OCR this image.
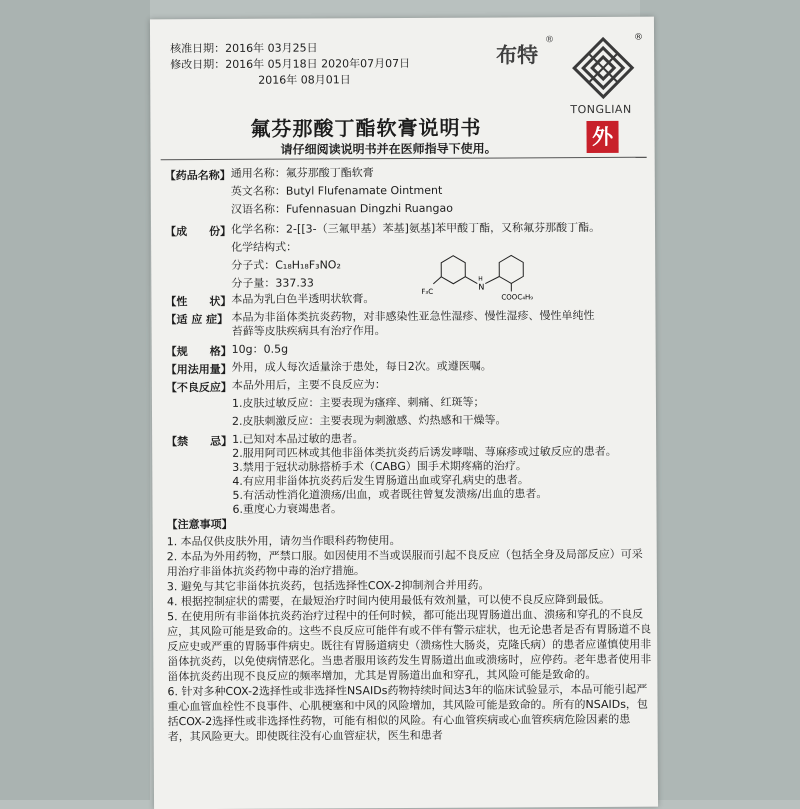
核准日期：2016年 03月25日
修改日期：2016年 05月18日 2020年07月07日
2016年 08月01日
布特
®	®
TONGLIAN
外
氟芬那酸丁酯软膏说明书
请仔细阅读说明书并在医师指导下使用。
【药品名称】 通用名称：氟芬那酸丁酯软膏
英文名称：Butyl Flufenamate Ointment
汉语名称：Fufennasuan Dingzhi Ruangao
【成　　份】 化学名称：2-[[3-（三氟甲基）苯基]氨基]苯甲酸丁酯，又称氟芬那酸丁酯。
化学结构式：
分子式：C₁₈H₁₈F₃NO₂
分子量：337.33
F₃C
H
N
COOC₄H₉
【性　　状】 本品为乳白色半透明状软膏。
【适 应 症】 本品为非甾体类抗炎药物，对非感染性亚急性湿疹、慢性湿疹、慢性单纯性
苔藓等皮肤疾病具有治疗作用。
【规　　格】 10g：0.5g
【用法用量】 外用，成人每次适量涂于患处，每日2次。或遵医嘱。
【不良反应】 本品外用后，主要不良反应为：
1.皮肤过敏反应：主要表现为瘙痒、刺痛、红斑等；
2.皮肤刺激反应：主要表现为刺激感、灼热感和干燥等。
【禁　　忌】 1.已知对本品过敏的患者。
2.服用阿司匹林或其他非甾体类抗炎药后诱发哮喘、荨麻疹或过敏反应的患者。
3.禁用于冠状动脉搭桥手术（CABG）围手术期疼痛的治疗。
4.有应用非甾体抗炎药后发生胃肠道出血或穿孔病史的患者。
5.有活动性消化道溃疡/出血，或者既往曾复发溃疡/出血的患者。
6.重度心力衰竭患者。
【注意事项】
1. 本品仅供皮肤外用，请勿当作眼科药物使用。
2. 本品为外用药物，严禁口服。如因使用不当或误服而引起不良反应（包括全身及局部反应）可采用治疗非甾体抗炎药物中毒的治疗措施。
3. 避免与其它非甾体抗炎药，包括选择性COX-2抑制剂合并用药。
4. 根据控制症状的需要，在最短治疗时间内使用最低有效剂量，可以使不良反应降到最低。
5. 在使用所有非甾体抗炎药治疗过程中的任何时候，都可能出现胃肠道出血、溃疡和穿孔的不良反应，其风险可能是致命的。这些不良反应可能伴有或不伴有警示症状，也无论患者是否有胃肠道不良反应史或严重的胃肠事件病史。既往有胃肠道病史（溃疡性大肠炎，克隆氏病）的患者应谨慎使用非甾体抗炎药，以免使病情恶化。当患者服用该药发生胃肠道出血或溃疡时，应停药。老年患者使用非甾体抗炎药出现不良反应的频率增加，尤其是胃肠道出血和穿孔，其风险可能是致命的。
6. 针对多种COX-2选择性或非选择性NSAIDs药物持续时间达3年的临床试验显示，本品可能引起严重心血管血栓性不良事件、心肌梗塞和中风的风险增加，其风险可能是致命的。所有的NSAIDs，包括COX-2选择性或非选择性药物，可能有相似的风险。有心血管疾病或心血管疾病危险因素的患者，其风险更大。即使既往没有心血管症状，医生和患者
